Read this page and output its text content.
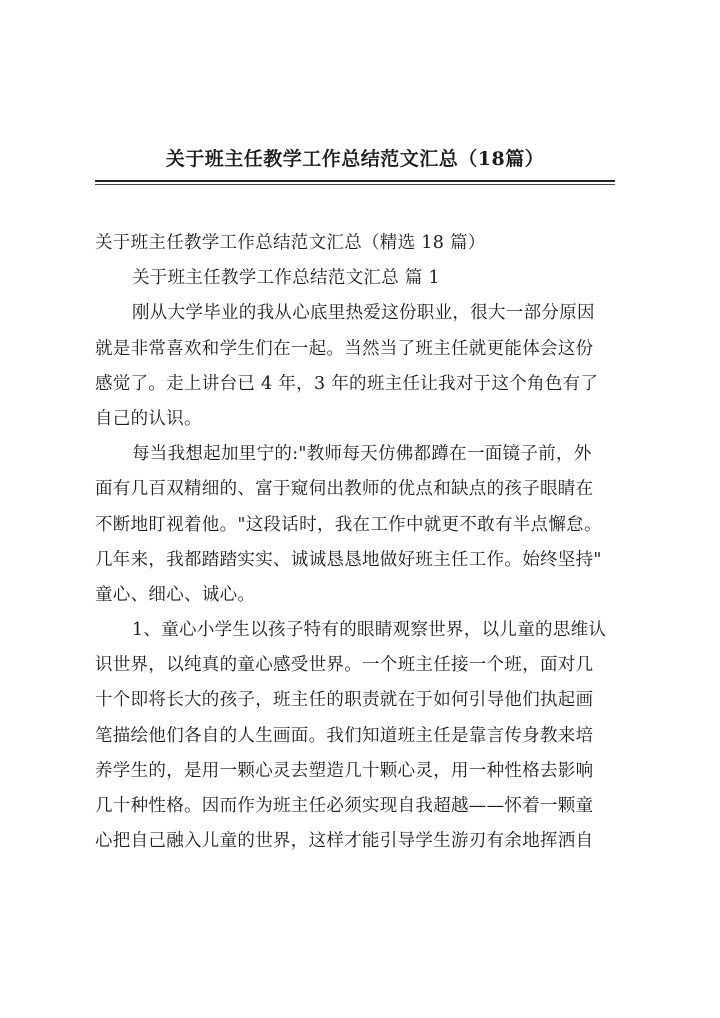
关于班主任教学工作总结范文汇总（18篇）
关于班主任教学工作总结范文汇总（精选 18 篇）
关于班主任教学工作总结范文汇总 篇 1
刚从大学毕业的我从心底里热爱这份职业，很大一部分原因
就是非常喜欢和学生们在一起。当然当了班主任就更能体会这份
感觉了。走上讲台已 4 年，3 年的班主任让我对于这个角色有了
自己的认识。
每当我想起加里宁的:"教师每天仿佛都蹲在一面镜子前，外
面有几百双精细的、富于窥伺出教师的优点和缺点的孩子眼睛在
不断地盯视着他。"这段话时，我在工作中就更不敢有半点懈怠。
几年来，我都踏踏实实、诚诚恳恳地做好班主任工作。始终坚持"
童心、细心、诚心。
1、童心小学生以孩子特有的眼睛观察世界，以儿童的思维认
识世界，以纯真的童心感受世界。一个班主任接一个班，面对几
十个即将长大的孩子，班主任的职责就在于如何引导他们执起画
笔描绘他们各自的人生画面。我们知道班主任是靠言传身教来培
养学生的，是用一颗心灵去塑造几十颗心灵，用一种性格去影响
几十种性格。因而作为班主任必须实现自我超越——怀着一颗童
心把自己融入儿童的世界，这样才能引导学生游刃有余地挥洒自
